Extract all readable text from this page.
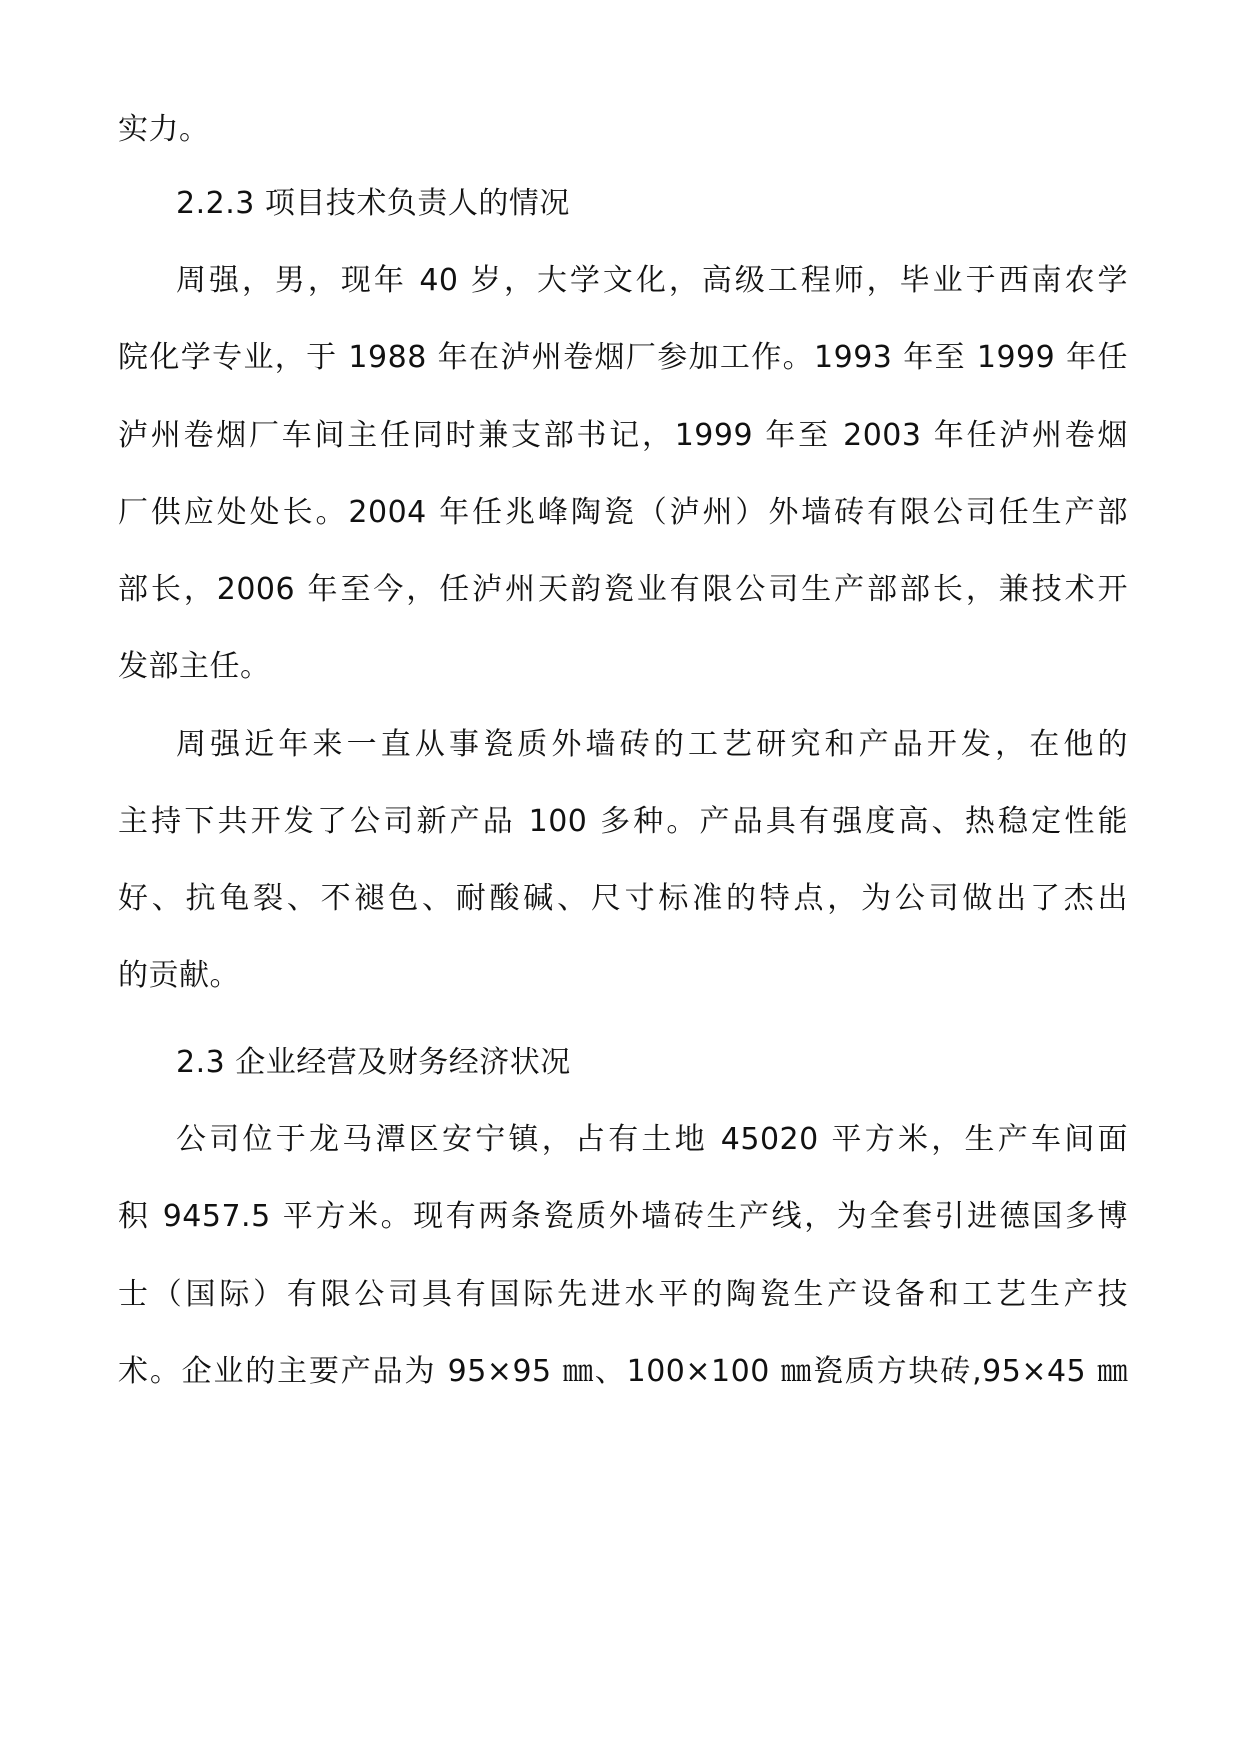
实力。
2.2.3 项目技术负责人的情况
周强，男，现年 40 岁，大学文化，高级工程师，毕业于西南农学
院化学专业，于 1988 年在泸州卷烟厂参加工作。1993 年至 1999 年任
泸州卷烟厂车间主任同时兼支部书记，1999 年至 2003 年任泸州卷烟
厂供应处处长。2004 年任兆峰陶瓷（泸州）外墙砖有限公司任生产部
部长，2006 年至今，任泸州天韵瓷业有限公司生产部部长，兼技术开
发部主任。
周强近年来一直从事瓷质外墙砖的工艺研究和产品开发，在他的
主持下共开发了公司新产品 100 多种。产品具有强度高、热稳定性能
好、抗龟裂、不褪色、耐酸碱、尺寸标准的特点，为公司做出了杰出
的贡献。
2.3 企业经营及财务经济状况
公司位于龙马潭区安宁镇，占有土地 45020 平方米，生产车间面
积 9457.5 平方米。现有两条瓷质外墙砖生产线，为全套引进德国多博
士（国际）有限公司具有国际先进水平的陶瓷生产设备和工艺生产技
术。企业的主要产品为 95×95 ㎜、100×100 ㎜瓷质方块砖,95×45 ㎜
